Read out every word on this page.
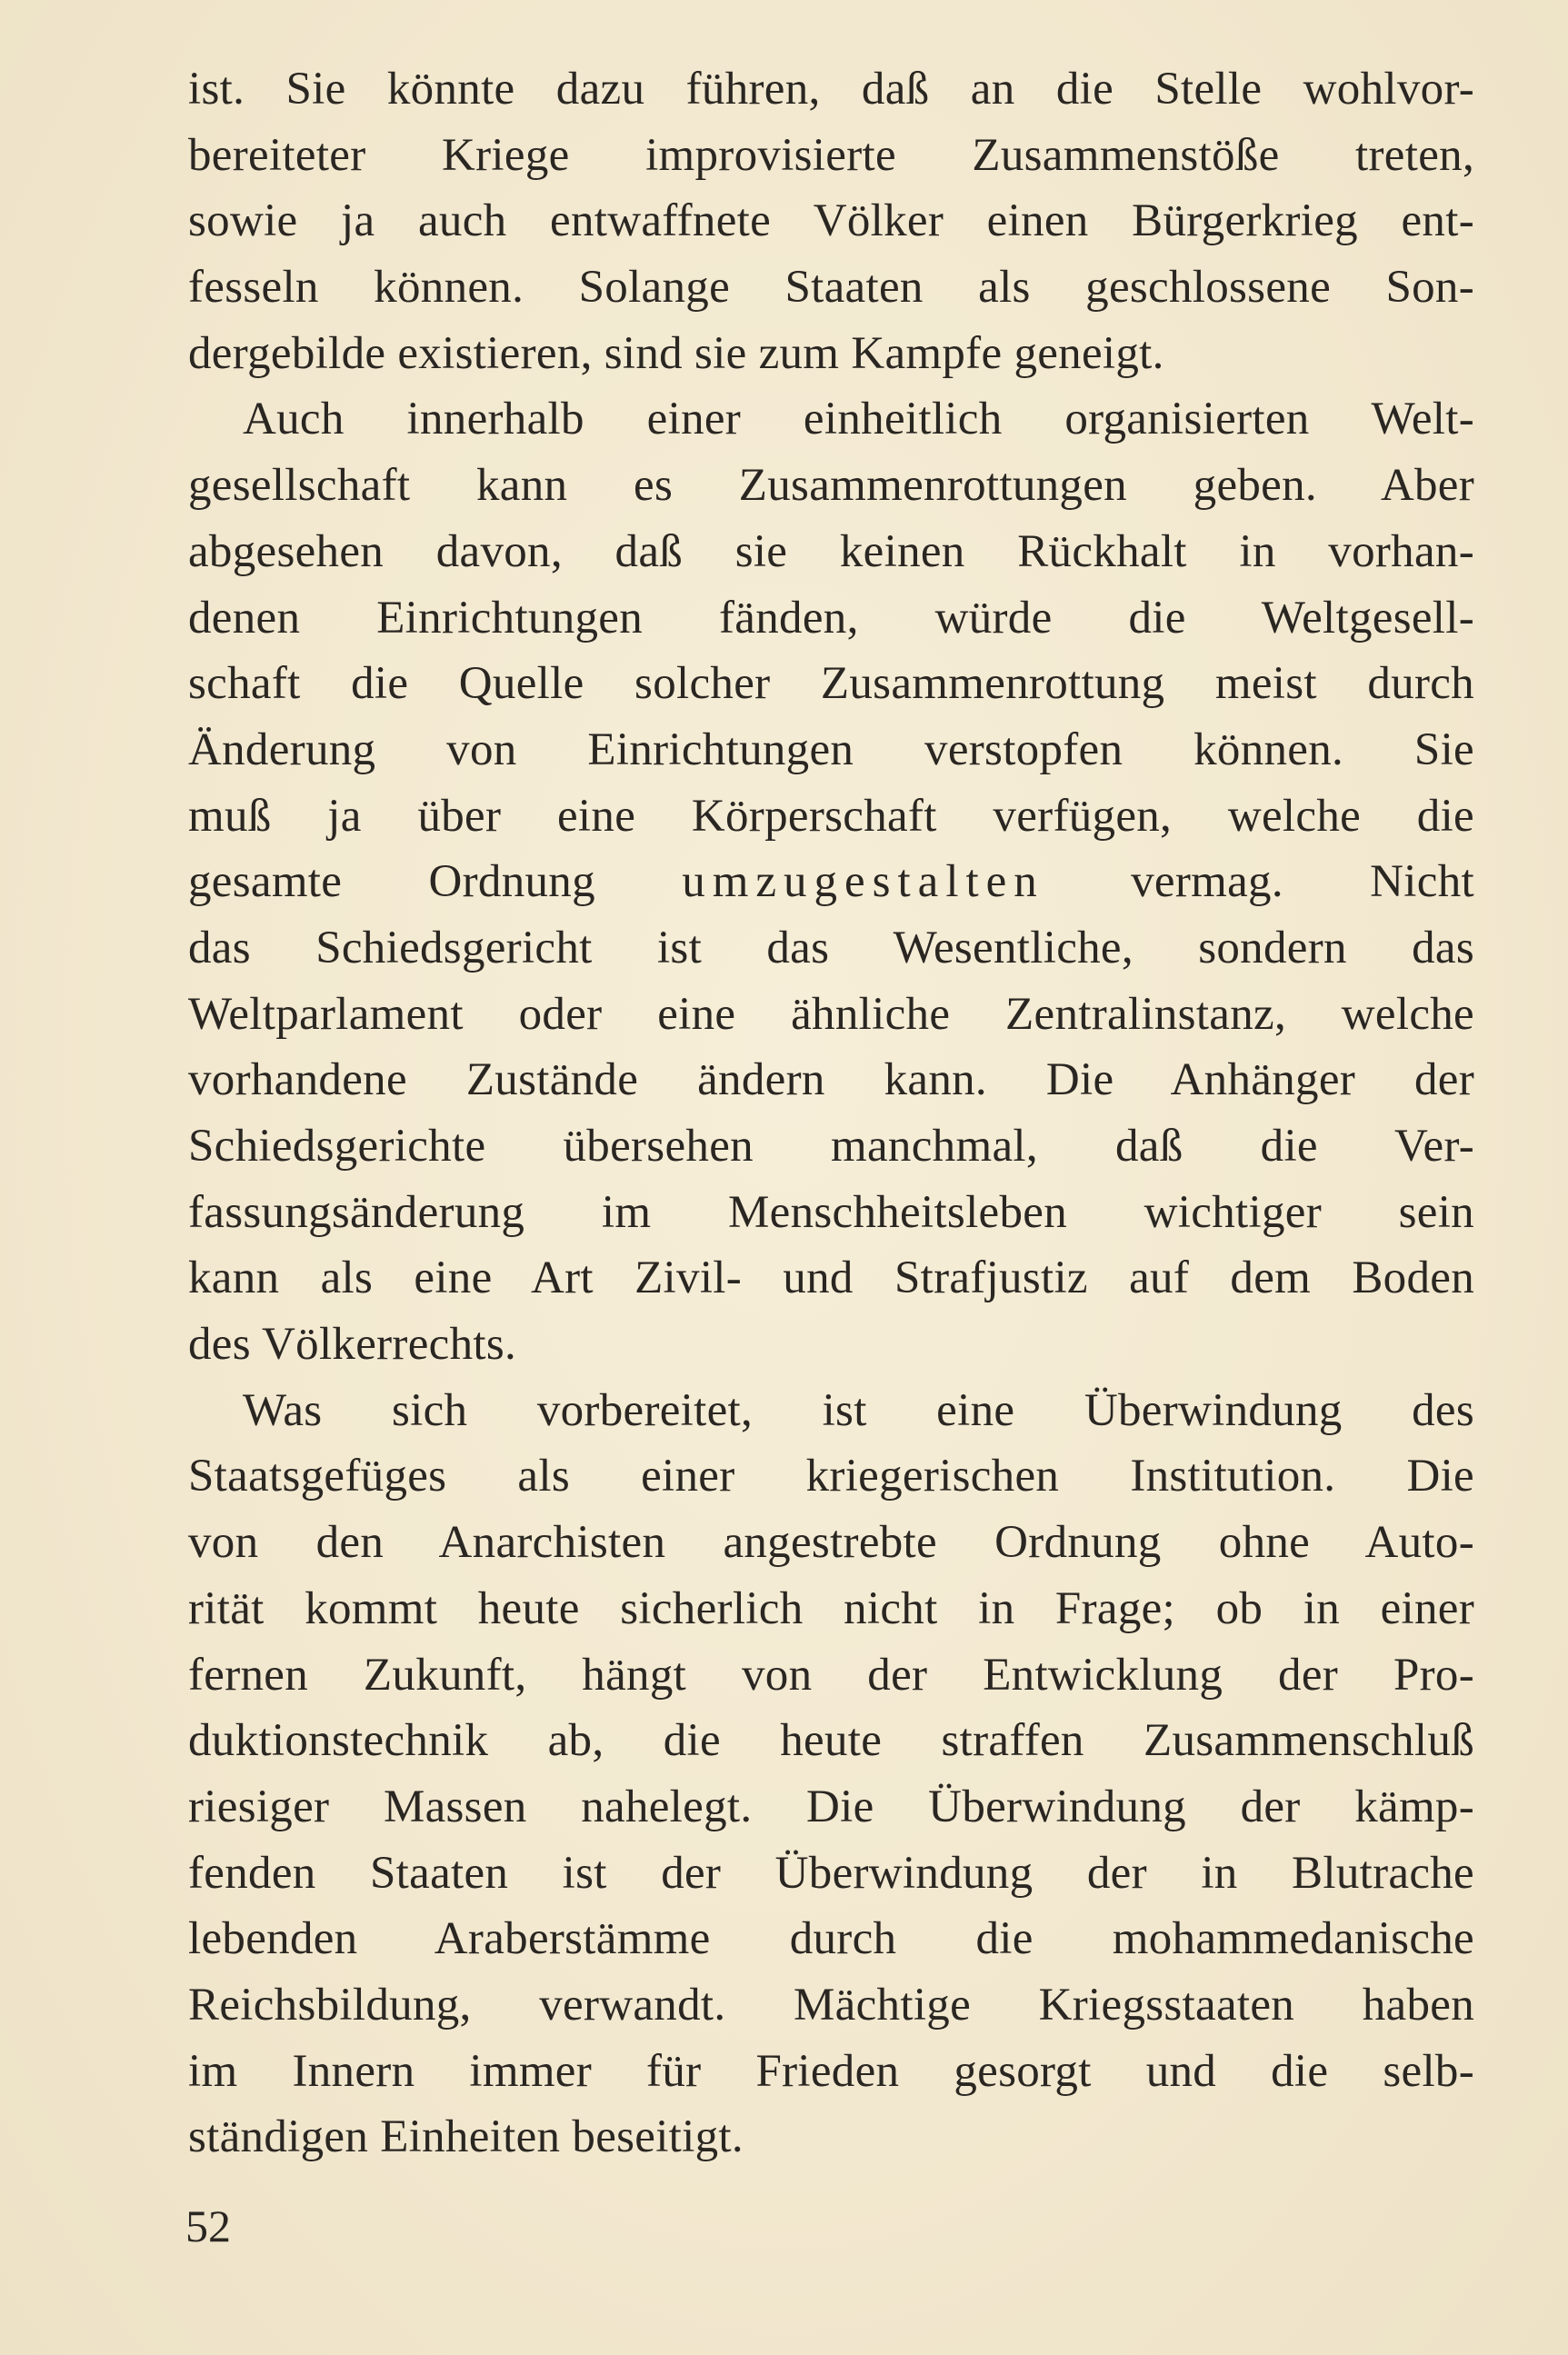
ist. Sie könnte dazu führen, daß an die Stelle wohlvor-
bereiteter Kriege improvisierte Zusammenstöße treten,
sowie ja auch entwaffnete Völker einen Bürgerkrieg ent-
fesseln können. Solange Staaten als geschlossene Son-
dergebilde existieren, sind sie zum Kampfe geneigt.
Auch innerhalb einer einheitlich organisierten Welt-
gesellschaft kann es Zusammenrottungen geben. Aber
abgesehen davon, daß sie keinen Rückhalt in vorhan-
denen Einrichtungen fänden, würde die Weltgesell-
schaft die Quelle solcher Zusammenrottung meist durch
Änderung von Einrichtungen verstopfen können. Sie
muß ja über eine Körperschaft verfügen, welche die
gesamte Ordnung umzugestalten vermag. Nicht
das Schiedsgericht ist das Wesentliche, sondern das
Weltparlament oder eine ähnliche Zentralinstanz, welche
vorhandene Zustände ändern kann. Die Anhänger der
Schiedsgerichte übersehen manchmal, daß die Ver-
fassungsänderung im Menschheitsleben wichtiger sein
kann als eine Art Zivil- und Strafjustiz auf dem Boden
des Völkerrechts.
Was sich vorbereitet, ist eine Überwindung des
Staatsgefüges als einer kriegerischen Institution. Die
von den Anarchisten angestrebte Ordnung ohne Auto-
rität kommt heute sicherlich nicht in Frage; ob in einer
fernen Zukunft, hängt von der Entwicklung der Pro-
duktionstechnik ab, die heute straffen Zusammenschluß
riesiger Massen nahelegt. Die Überwindung der kämp-
fenden Staaten ist der Überwindung der in Blutrache
lebenden Araberstämme durch die mohammedanische
Reichsbildung, verwandt. Mächtige Kriegsstaaten haben
im Innern immer für Frieden gesorgt und die selb-
ständigen Einheiten beseitigt.
52
